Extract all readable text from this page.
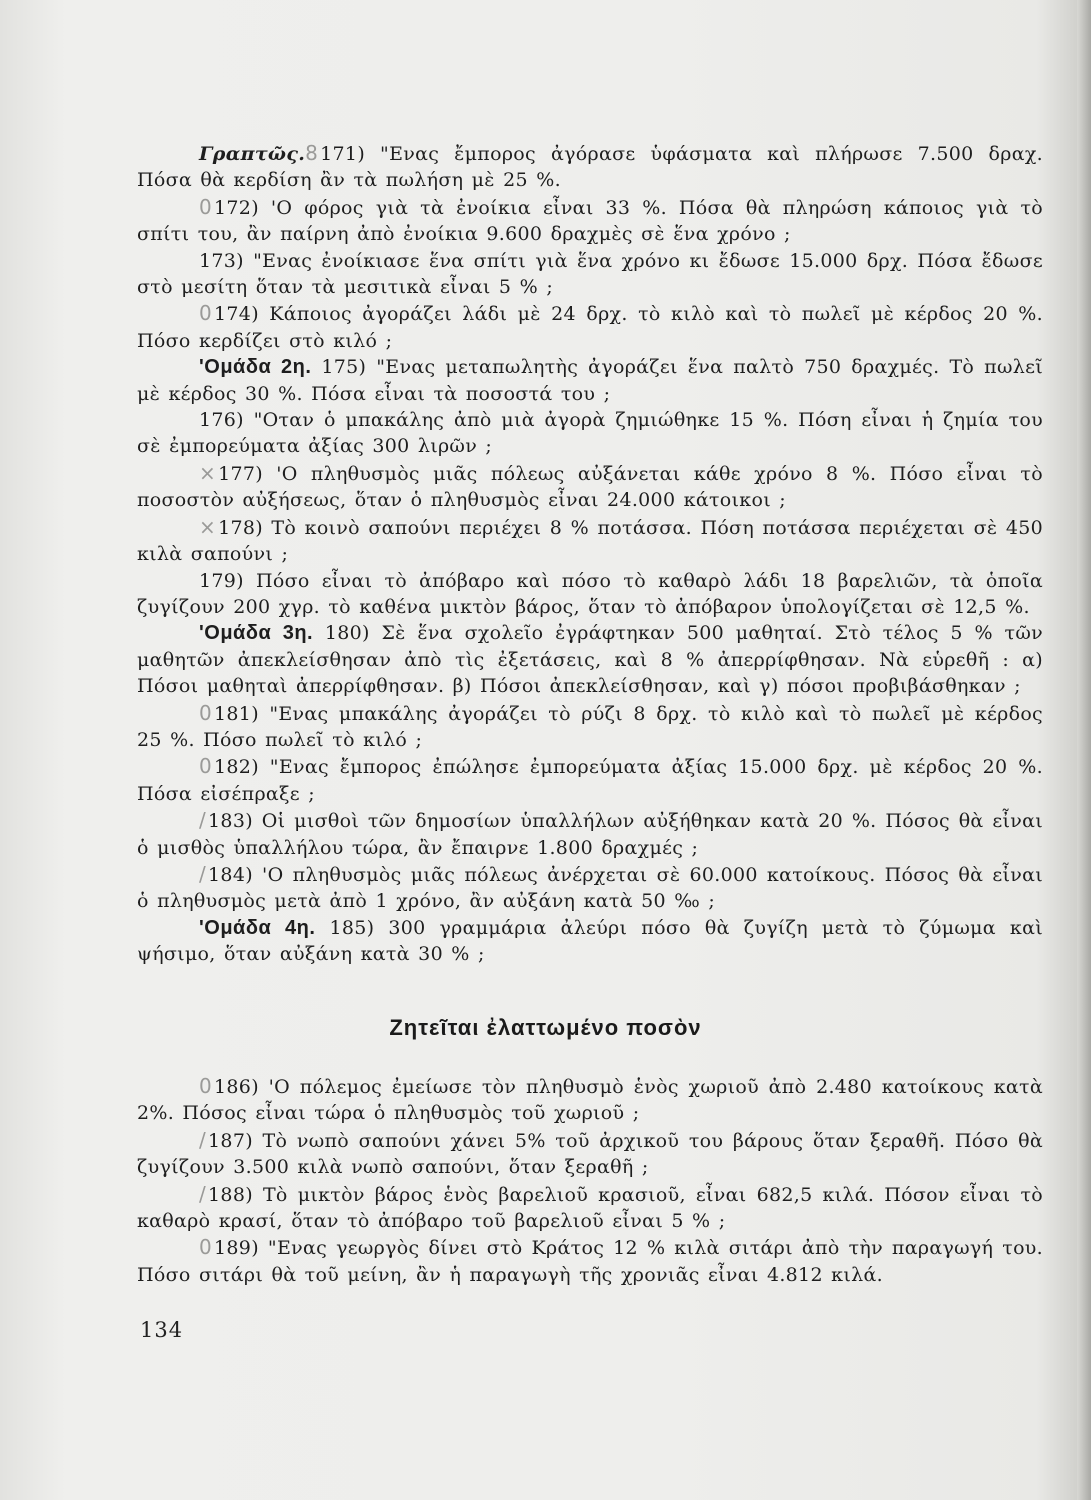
Γραπτῶς.8 171) "Ενας ἔμπορος ἀγόρασε ὑφάσματα καὶ πλήρωσε 7.500 δραχ. Πόσα θὰ κερδίση ἂν τὰ πωλήση μὲ 25 %.

0 172) 'Ο φόρος γιὰ τὰ ἐνοίκια εἶναι 33 %. Πόσα θὰ πληρώση κάποιος γιὰ τὸ σπίτι του, ἂν παίρνη ἀπὸ ἐνοίκια 9.600 δραχμὲς σὲ ἕνα χρόνο ;

173) "Ενας ἐνοίκιασε ἕνα σπίτι γιὰ ἕνα χρόνο κι ἔδωσε 15.000 δρχ. Πόσα ἔδωσε στὸ μεσίτη ὅταν τὰ μεσιτικὰ εἶναι 5 % ;

0 174) Κάποιος ἀγοράζει λάδι μὲ 24 δρχ. τὸ κιλὸ καὶ τὸ πωλεῖ μὲ κέρδος 20 %. Πόσο κερδίζει στὸ κιλό ;

'Ομάδα 2η. 175) "Ενας μεταπωλητὴς ἀγοράζει ἕνα παλτὸ 750 δραχμές. Τὸ πωλεῖ μὲ κέρδος 30 %. Πόσα εἶναι τὰ ποσοστά του ;

176) "Οταν ὁ μπακάλης ἀπὸ μιὰ ἀγορὰ ζημιώθηκε 15 %. Πόση εἶναι ἡ ζημία του σὲ ἐμπορεύματα ἀξίας 300 λιρῶν ;

× 177) 'Ο πληθυσμὸς μιᾶς πόλεως αὐξάνεται κάθε χρόνο 8 %. Πόσο εἶναι τὸ ποσοστὸν αὐξήσεως, ὅταν ὁ πληθυσμὸς εἶναι 24.000 κάτοικοι ;

× 178) Τὸ κοινὸ σαπούνι περιέχει 8 % ποτάσσα. Πόση ποτάσσα περιέχεται σὲ 450 κιλὰ σαπούνι ;

179) Πόσο εἶναι τὸ ἀπόβαρο καὶ πόσο τὸ καθαρὸ λάδι 18 βαρελιῶν, τὰ ὁποῖα ζυγίζουν 200 χγρ. τὸ καθένα μικτὸν βάρος, ὅταν τὸ ἀπόβαρον ὑπολογίζεται σὲ 12,5 %.

'Ομάδα 3η. 180) Σὲ ἕνα σχολεῖο ἐγράφτηκαν 500 μαθηταί. Στὸ τέλος 5 % τῶν μαθητῶν ἀπεκλείσθησαν ἀπὸ τὶς ἐξετάσεις, καὶ 8 % ἀπερρίφθησαν. Νὰ εὑρεθῆ : α) Πόσοι μαθηταὶ ἀπερρίφθησαν. β) Πόσοι ἀπεκλείσθησαν, καὶ γ) πόσοι προβιβάσθηκαν ;

0 181) "Ενας μπακάλης ἀγοράζει τὸ ρύζι 8 δρχ. τὸ κιλὸ καὶ τὸ πωλεῖ μὲ κέρδος 25 %. Πόσο πωλεῖ τὸ κιλό ;

0 182) "Ενας ἔμπορος ἐπώλησε ἐμπορεύματα ἀξίας 15.000 δρχ. μὲ κέρδος 20 %. Πόσα εἰσέπραξε ;

/ 183) Οἱ μισθοὶ τῶν δημοσίων ὑπαλλήλων αὐξήθηκαν κατὰ 20 %. Πόσος θὰ εἶναι ὁ μισθὸς ὑπαλλήλου τώρα, ἂν ἔπαιρνε 1.800 δραχμές ;

/ 184) 'Ο πληθυσμὸς μιᾶς πόλεως ἀνέρχεται σὲ 60.000 κατοίκους. Πόσος θὰ εἶναι ὁ πληθυσμὸς μετὰ ἀπὸ 1 χρόνο, ἂν αὐξάνη κατὰ 50 ‰ ;

'Ομάδα 4η. 185) 300 γραμμάρια ἀλεύρι πόσο θὰ ζυγίζη μετὰ τὸ ζύμωμα καὶ ψήσιμο, ὅταν αὐξάνη κατὰ 30 % ;

Ζητεῖται ἐλαττωμένο ποσὸν

0 186) 'Ο πόλεμος ἐμείωσε τὸν πληθυσμὸ ἑνὸς χωριοῦ ἀπὸ 2.480 κατοίκους κατὰ 2%. Πόσος εἶναι τώρα ὁ πληθυσμὸς τοῦ χωριοῦ ;

/ 187) Τὸ νωπὸ σαπούνι χάνει 5% τοῦ ἀρχικοῦ του βάρους ὅταν ξεραθῆ. Πόσο θὰ ζυγίζουν 3.500 κιλὰ νωπὸ σαπούνι, ὅταν ξεραθῆ ;

/ 188) Τὸ μικτὸν βάρος ἑνὸς βαρελιοῦ κρασιοῦ, εἶναι 682,5 κιλά. Πόσον εἶναι τὸ καθαρὸ κρασί, ὅταν τὸ ἀπόβαρο τοῦ βαρελιοῦ εἶναι 5 % ;

0 189) "Ενας γεωργὸς δίνει στὸ Κράτος 12 % κιλὰ σιτάρι ἀπὸ τὴν παραγωγή του. Πόσο σιτάρι θὰ τοῦ μείνη, ἂν ἡ παραγωγὴ τῆς χρονιᾶς εἶναι 4.812 κιλά.

134
